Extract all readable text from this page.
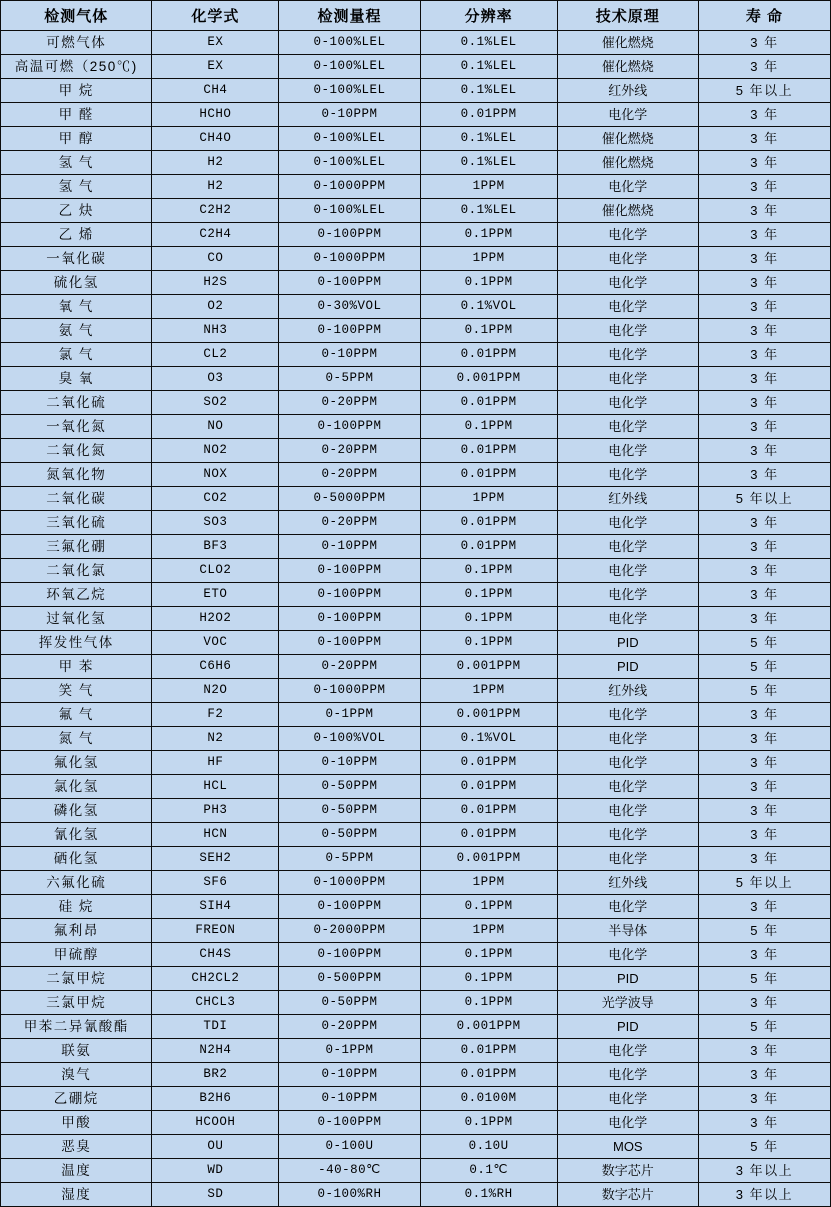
检测气体	化学式	检测量程	分辨率	技术原理	寿 命
可燃气体	EX	0-100%LEL	0.1%LEL	催化燃烧	3 年
高温可燃（250℃)	EX	0-100%LEL	0.1%LEL	催化燃烧	3 年
甲 烷	CH4	0-100%LEL	0.1%LEL	红外线	5 年以上
甲 醛	HCHO	0-10PPM	0.01PPM	电化学	3 年
甲 醇	CH4O	0-100%LEL	0.1%LEL	催化燃烧	3 年
氢 气	H2	0-100%LEL	0.1%LEL	催化燃烧	3 年
氢 气	H2	0-1000PPM	1PPM	电化学	3 年
乙 炔	C2H2	0-100%LEL	0.1%LEL	催化燃烧	3 年
乙 烯	C2H4	0-100PPM	0.1PPM	电化学	3 年
一氧化碳	CO	0-1000PPM	1PPM	电化学	3 年
硫化氢	H2S	0-100PPM	0.1PPM	电化学	3 年
氧 气	O2	0-30%VOL	0.1%VOL	电化学	3 年
氨 气	NH3	0-100PPM	0.1PPM	电化学	3 年
氯 气	CL2	0-10PPM	0.01PPM	电化学	3 年
臭 氧	O3	0-5PPM	0.001PPM	电化学	3 年
二氧化硫	SO2	0-20PPM	0.01PPM	电化学	3 年
一氧化氮	NO	0-100PPM	0.1PPM	电化学	3 年
二氧化氮	NO2	0-20PPM	0.01PPM	电化学	3 年
氮氧化物	NOX	0-20PPM	0.01PPM	电化学	3 年
二氧化碳	CO2	0-5000PPM	1PPM	红外线	5 年以上
三氧化硫	SO3	0-20PPM	0.01PPM	电化学	3 年
三氟化硼	BF3	0-10PPM	0.01PPM	电化学	3 年
二氧化氯	CLO2	0-100PPM	0.1PPM	电化学	3 年
环氧乙烷	ETO	0-100PPM	0.1PPM	电化学	3 年
过氧化氢	H2O2	0-100PPM	0.1PPM	电化学	3 年
挥发性气体	VOC	0-100PPM	0.1PPM	PID	5 年
甲 苯	C6H6	0-20PPM	0.001PPM	PID	5 年
笑 气	N2O	0-1000PPM	1PPM	红外线	5 年
氟 气	F2	0-1PPM	0.001PPM	电化学	3 年
氮 气	N2	0-100%VOL	0.1%VOL	电化学	3 年
氟化氢	HF	0-10PPM	0.01PPM	电化学	3 年
氯化氢	HCL	0-50PPM	0.01PPM	电化学	3 年
磷化氢	PH3	0-50PPM	0.01PPM	电化学	3 年
氰化氢	HCN	0-50PPM	0.01PPM	电化学	3 年
硒化氢	SEH2	0-5PPM	0.001PPM	电化学	3 年
六氟化硫	SF6	0-1000PPM	1PPM	红外线	5 年以上
硅 烷	SIH4	0-100PPM	0.1PPM	电化学	3 年
氟利昂	FREON	0-2000PPM	1PPM	半导体	5 年
甲硫醇	CH4S	0-100PPM	0.1PPM	电化学	3 年
二氯甲烷	CH2CL2	0-500PPM	0.1PPM	PID	5 年
三氯甲烷	CHCL3	0-50PPM	0.1PPM	光学波导	3 年
甲苯二异氰酸酯	TDI	0-20PPM	0.001PPM	PID	5 年
联氨	N2H4	0-1PPM	0.01PPM	电化学	3 年
溴气	BR2	0-10PPM	0.01PPM	电化学	3 年
乙硼烷	B2H6	0-10PPM	0.0100M	电化学	3 年
甲酸	HCOOH	0-100PPM	0.1PPM	电化学	3 年
恶臭	OU	0-100U	0.10U	MOS	5 年
温度	WD	-40-80℃	0.1℃	数字芯片	3 年以上
湿度	SD	0-100%RH	0.1%RH	数字芯片	3 年以上
